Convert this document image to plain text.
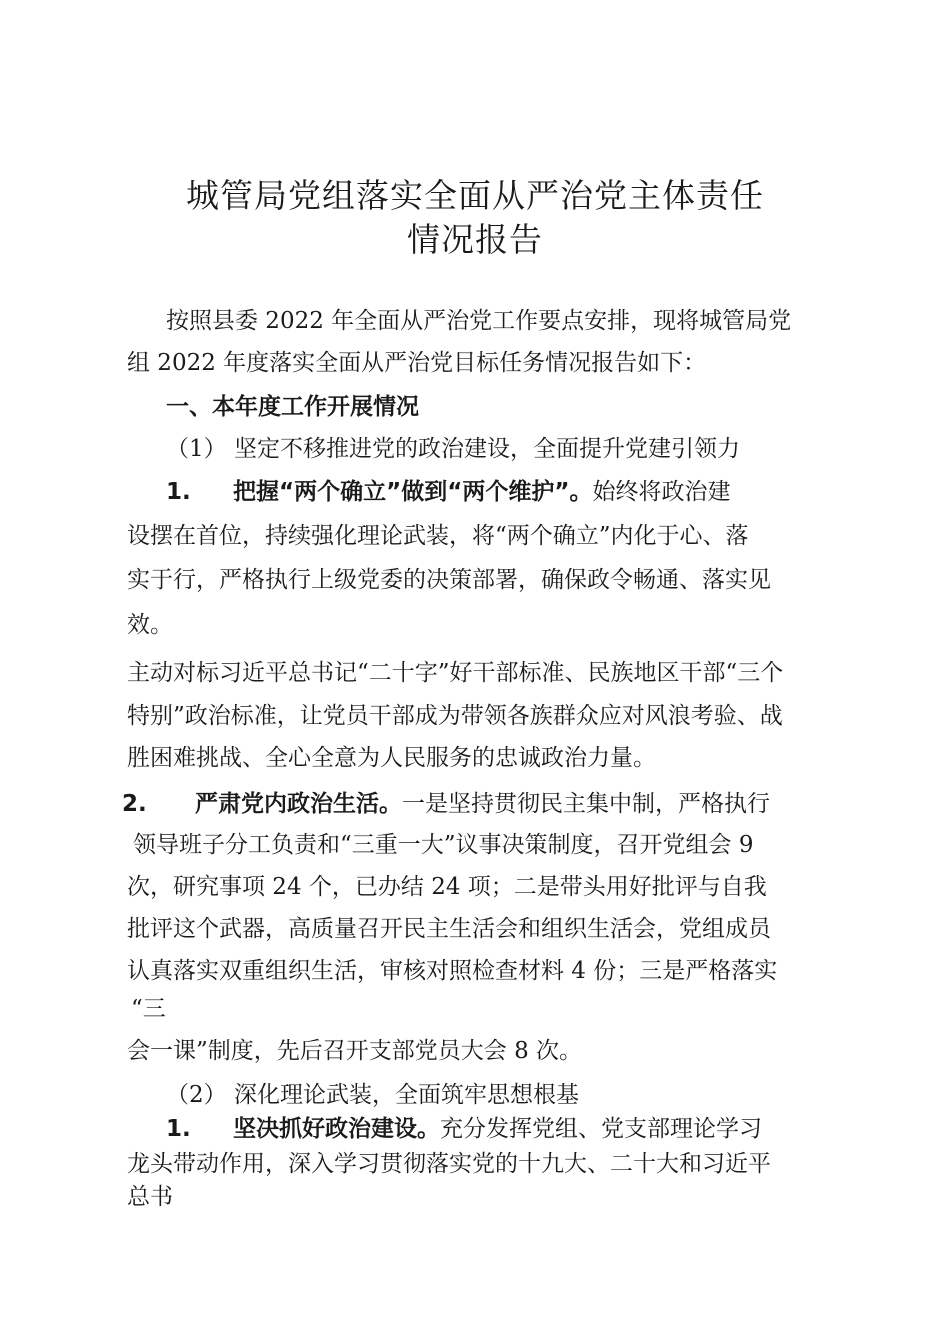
城管局党组落实全面从严治党主体责任
情况报告

按照县委 2022 年全面从严治党工作要点安排，现将城管局党

组 2022 年度落实全面从严治党目标任务情况报告如下：

一、本年度工作开展情况

（1） 坚定不移推进党的政治建设，全面提升党建引领力

1. 把握“两个确立”做到“两个维护”。始终将政治建

设摆在首位，持续强化理论武装，将“两个确立”内化于心、落

实于行，严格执行上级党委的决策部署，确保政令畅通、落实见

效。

主动对标习近平总书记“二十字”好干部标准、民族地区干部“三个

特别”政治标准，让党员干部成为带领各族群众应对风浪考验、战

胜困难挑战、全心全意为人民服务的忠诚政治力量。

2. 严肃党内政治生活。一是坚持贯彻民主集中制，严格执行

领导班子分工负责和“三重一大”议事决策制度，召开党组会 9

次，研究事项 24 个，已办结 24 项；二是带头用好批评与自我

批评这个武器，高质量召开民主生活会和组织生活会，党组成员

认真落实双重组织生活，审核对照检查材料 4 份；三是严格落实

“三

会一课”制度，先后召开支部党员大会 8 次。

（2） 深化理论武装，全面筑牢思想根基

1. 坚决抓好政治建设。充分发挥党组、党支部理论学习

龙头带动作用，深入学习贯彻落实党的十九大、二十大和习近平

总书
